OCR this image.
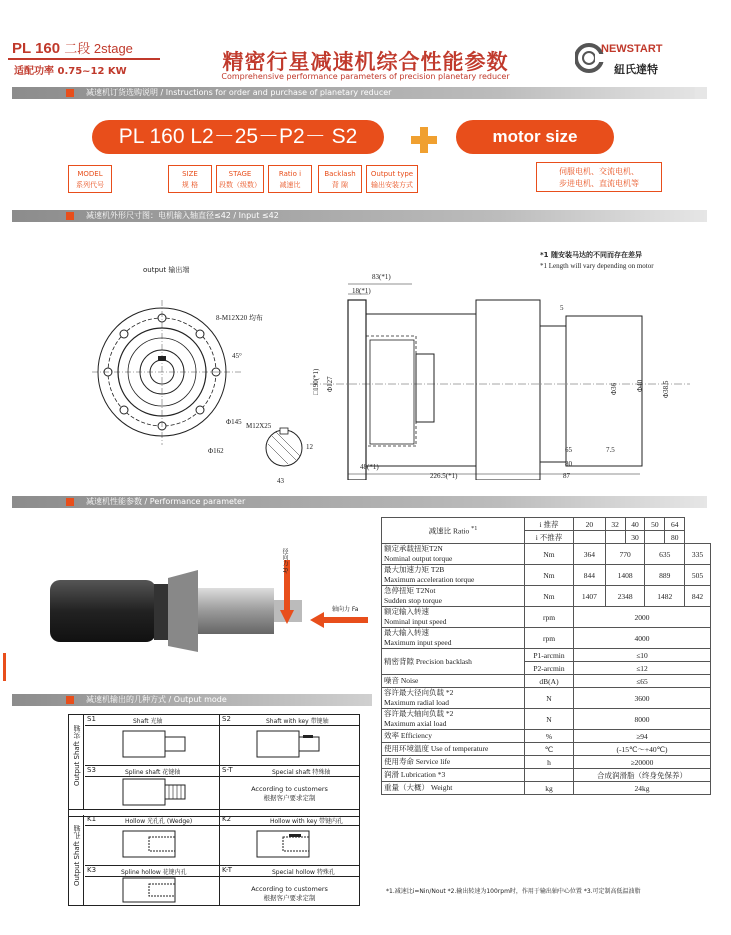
PL 160 二段 2stage
适配功率 0.75~12 KW	精密行星减速机综合性能参数
Comprehensive performance parameters of precision planetary reducer
NEWSTART
紐氏達特
减速机订货选购说明 / Instructions for order and purchase of planetary reducer
PL 160 L2－25－P2－ S2	motor size
MODEL
系列代号
SIZE
规 格
STAGE
段数（级数）
Ratio i
减速比
Backlash
背 隙
Output type
输出安装方式
伺服电机、交流电机、
步进电机、直流电机等
减速机外形尺寸图：电机输入轴直径≤42 / Input ≤42
*1 随安装马达的不同而存在差异
*1 Length will vary depending on motor
output 输出端
8-M12X20 均布
45°
Φ145
Φ162
M12X25
43
12
83(*1)
18(*1)
5
□190(*1) Φ127	Φ36	Φ40	Φ38.5
65	7.5
80
48(*1)
226.5(*1)	87
减速机性能参数 / Performance parameter
径向力 Fr
轴向力 Fa
减速比 Ratio $^{*1}$	i 推荐	20	32	40	50	64	
	i 不推荐			30		80	

额定承载扭矩T2N
Nominal output torque	Nm	364	770		635		335

最大加速力矩 T2B
Maximum acceleration torque	Nm	844	1408		889		505

急停扭矩 T2Not
Sudden stop torque	Nm	1407	2348		1482		842

额定输入转速
Nominal input speed	rpm	2000					

最大输入转速
Maximum input speed	rpm	4000					
精密背隙 Precision backlash	P1-arcmin	≤10					
	P2-arcmin	≤12					
噪音 Noise	dB(A)	≤65					

容许最大径向负载 *2
Maximum radial load	N	3600					

容许最大轴向负载 *2
Maximum axial load	N	8000					
效率 Efficiency	%	≥94					
使用环境温度 Use of temperature	℃	(-15℃～+40℃)					
使用寿命 Service life	h	≥20000					
润滑 Lubrication *3		合成润滑脂（终身免保养）					
重量（大概） Weight	kg	24kg					
*1.减速比i=Nin/Nout *2.输出转速为100rpm时，作用于输出轴中心位置 *3.可定制高低温油脂
减速机输出的几种方式 / Output mode
Output Shaft 实轴
Output Shaft 孔轴
S1	Shaft 光轴	S2	Shaft with key 带键轴
S3	Spline shaft 花键轴	S-T	Special shaft 特殊轴
According to customers
根据客户要求定制
K1	Hollow 光孔孔 (Wedge)	K2	Hollow with key 带键内孔
K3	Spline hollow 花键内孔	K-T	Special hollow 特殊孔
According to customers
根据客户要求定制
